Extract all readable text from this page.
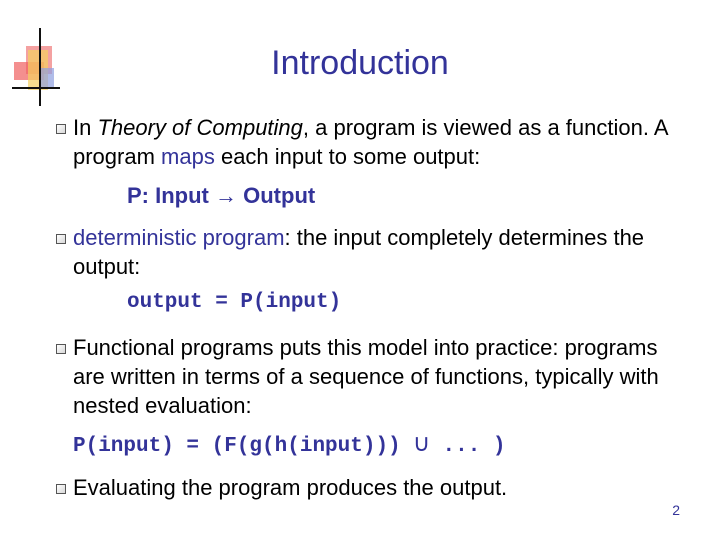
Introduction
In Theory of Computing, a program is viewed as a function. A program maps each input to some output:
P: Input → Output
deterministic program: the input completely determines the output:
output = P(input)
Functional programs puts this model into practice: programs are written in terms of a sequence of functions, typically with nested evaluation:
P(input) = (F(g(h(input))) ∪ ... )
Evaluating the program produces the output.
2
